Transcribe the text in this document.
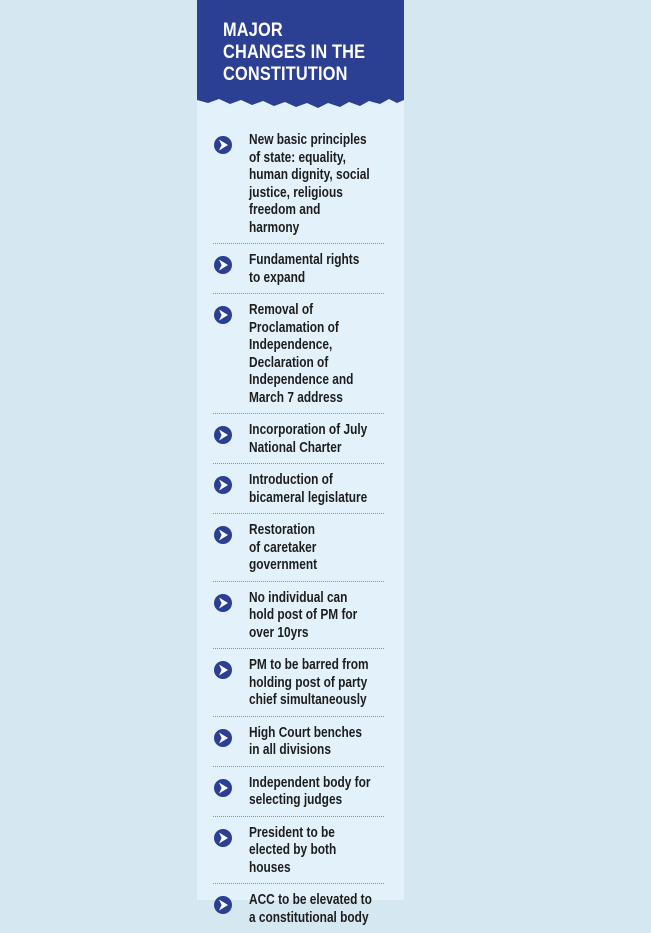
MAJOR
CHANGES IN THE
CONSTITUTION
New basic principles
of state: equality,
human dignity, social
justice, religious
freedom and
harmony
Fundamental rights
to expand
Removal of
Proclamation of
Independence,
Declaration of
Independence and
March 7 address
Incorporation of July
National Charter
Introduction of
bicameral legislature
Restoration
of caretaker
government
No individual can
hold post of PM for
over 10yrs
PM to be barred from
holding post of party
chief simultaneously
High Court benches
in all divisions
Independent body for
selecting judges
President to be
elected by both
houses
ACC to be elevated to
a constitutional body
